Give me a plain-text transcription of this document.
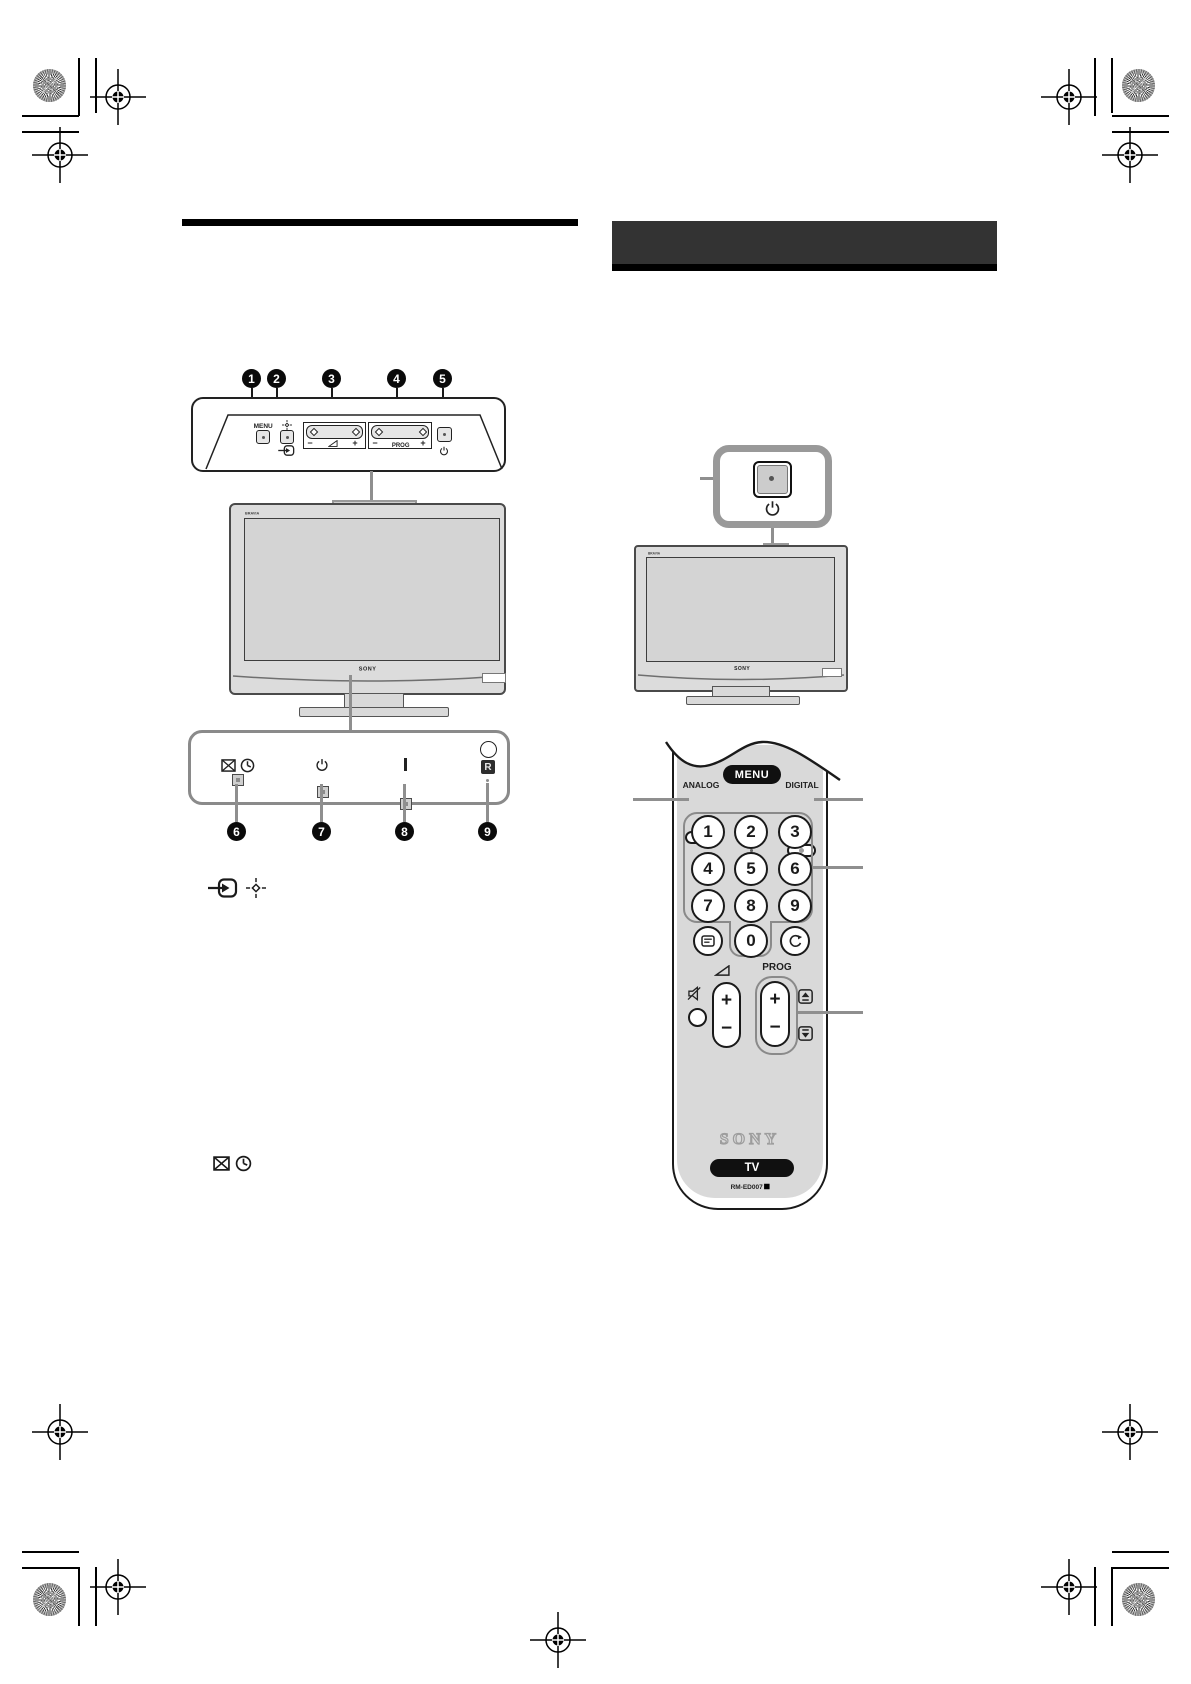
1 2	3	4	5
MENU
−	+ −	PROG	+
BRAVIA
SONY
R
6	7	8	9
BRAVIA
SONY
MENU
ANALOG	DIGITAL
1 2 3
4 5 6
7 8 9
0
PROG
+
−
+
−
SONY
TV
RM-ED007
